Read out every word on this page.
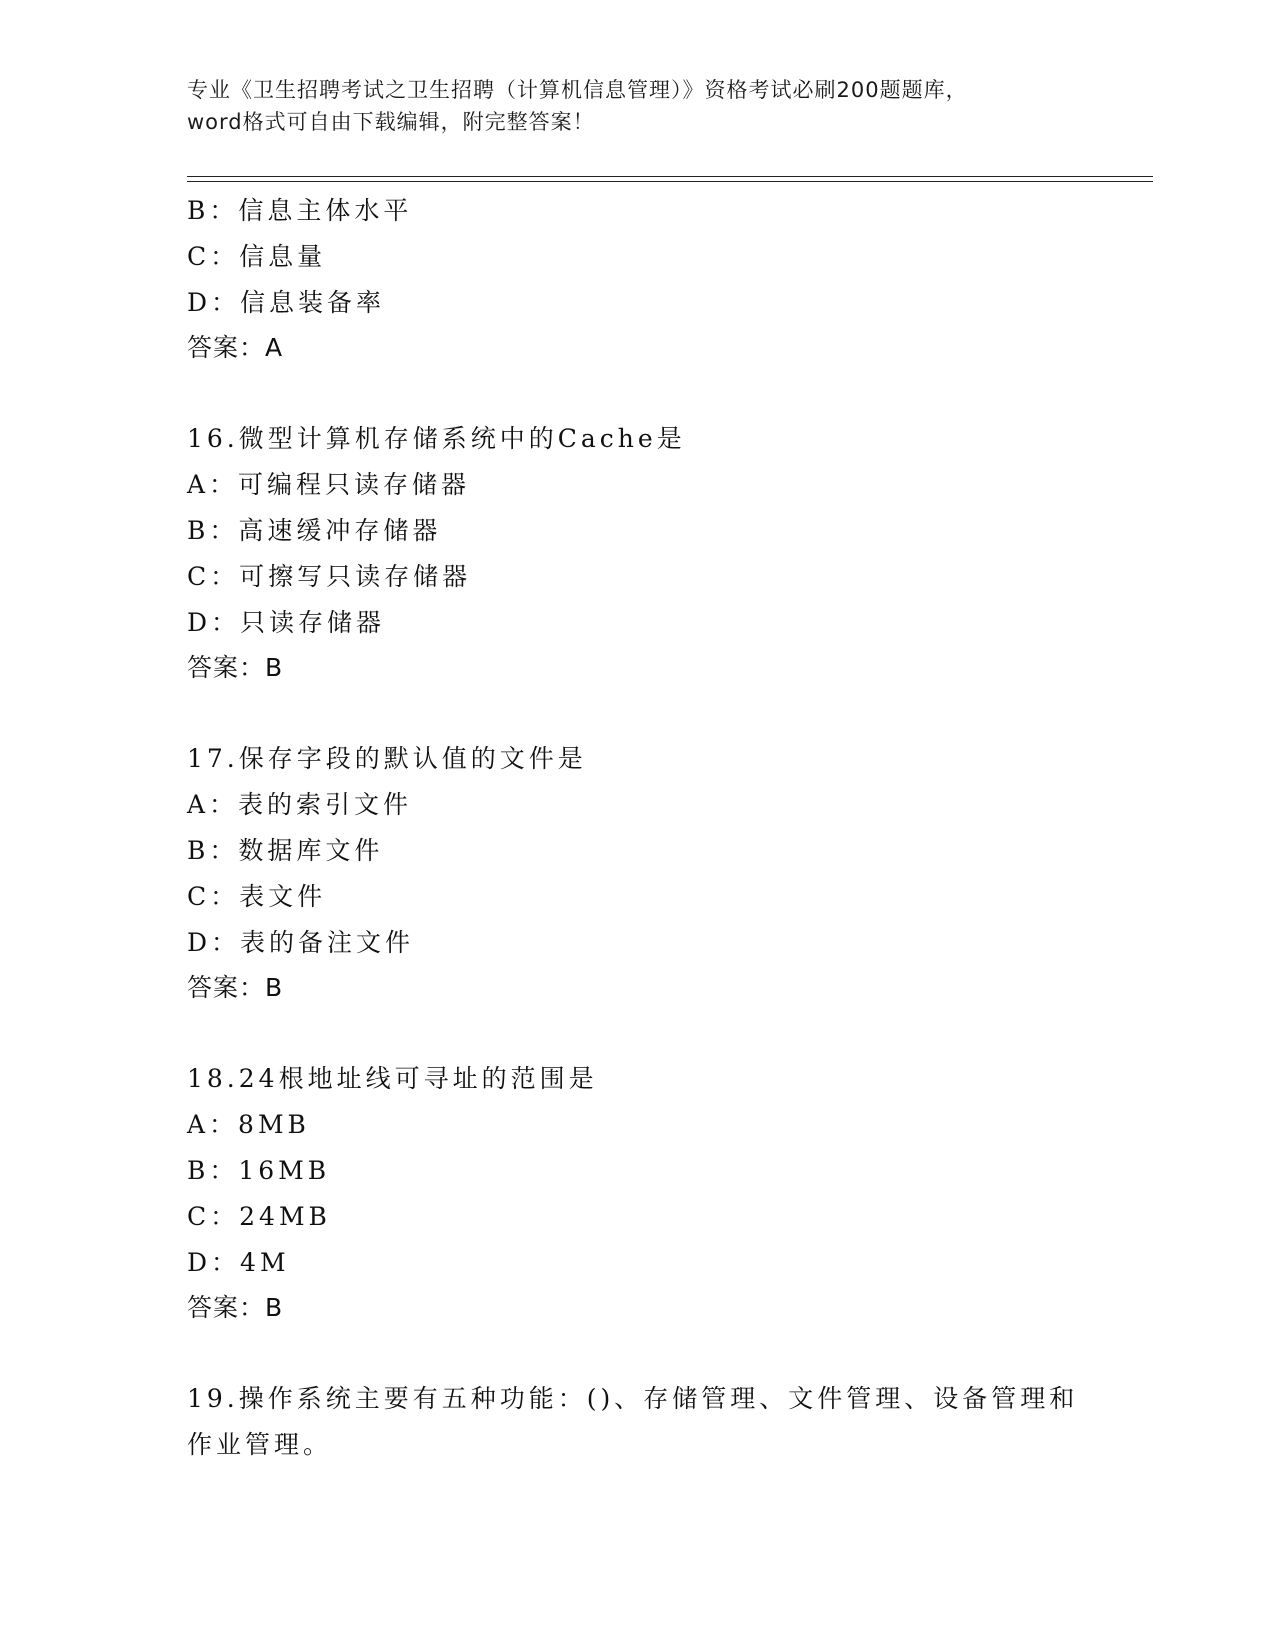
专业《卫生招聘考试之卫生招聘（计算机信息管理）》资格考试必刷200题题库，
word格式可自由下载编辑，附完整答案！
B：信息主体水平
C：信息量
D：信息装备率
答案：A
16.微型计算机存储系统中的Cache是
A：可编程只读存储器
B：高速缓冲存储器
C：可擦写只读存储器
D：只读存储器
答案：B
17.保存字段的默认值的文件是
A：表的索引文件
B：数据库文件
C：表文件
D：表的备注文件
答案：B
18.24根地址线可寻址的范围是
A：8MB
B：16MB
C：24MB
D：4M
答案：B
19.操作系统主要有五种功能：()、存储管理、文件管理、设备管理和
作业管理。
